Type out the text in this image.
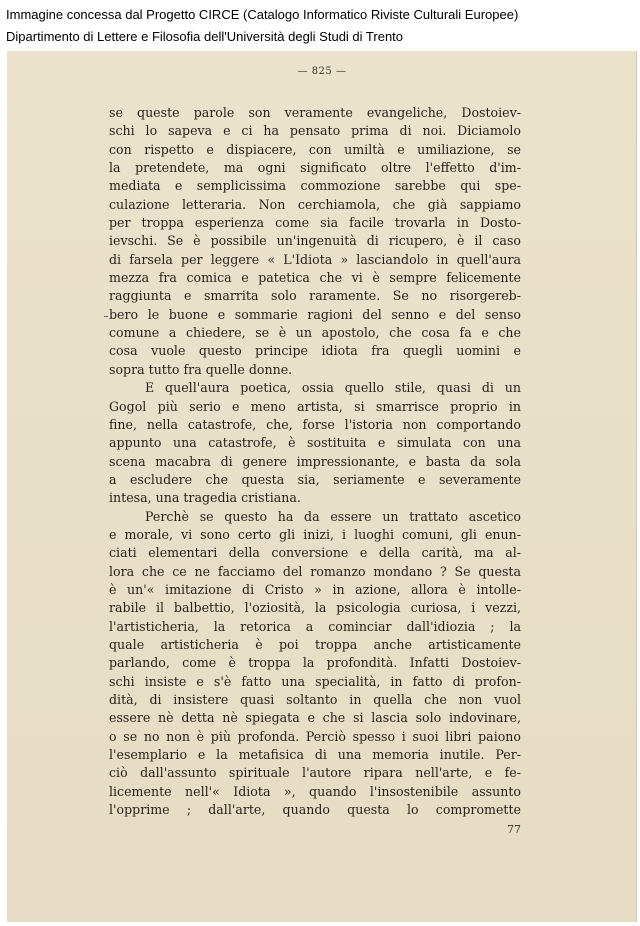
Immagine concessa dal Progetto CIRCE (Catalogo Informatico Riviste Culturali Europee)
Dipartimento di Lettere e Filosofia dell'Università degli Studi di Trento
— 825 —
se queste parole son veramente evangeliche, Dostoiev-
schi lo sapeva e ci ha pensato prima di noi. Diciamolo
con rispetto e dispiacere, con umiltà e umiliazione, se
la pretendete, ma ogni significato oltre l'effetto d'im-
mediata e semplicissima commozione sarebbe qui spe-
culazione letteraria. Non cerchiamola, che già sappiamo
per troppa esperienza come sia facile trovarla in Dosto-
ievschi. Se è possibile un'ingenuità di ricupero, è il caso
di farsela per leggere « L'Idiota » lasciandolo in quell'aura
mezza fra comica e patetica che vi è sempre felicemente
raggiunta e smarrita solo raramente. Se no risorgereb-
bero le buone e sommarie ragioni del senno e del senso
comune a chiedere, se è un apostolo, che cosa fa e che
cosa vuole questo principe idiota fra quegli uomini e
sopra tutto fra quelle donne.
E quell'aura poetica, ossia quello stile, quasi di un
Gogol più serio e meno artista, si smarrisce proprio in
fine, nella catastrofe, che, forse l'istoria non comportando
appunto una catastrofe, è sostituita e simulata con una
scena macabra di genere impressionante, e basta da sola
a escludere che questa sia, seriamente e severamente
intesa, una tragedia cristiana.
Perchè se questo ha da essere un trattato ascetico
e morale, vi sono certo gli inizi, i luoghi comuni, gli enun-
ciati elementari della conversione e della carità, ma al-
lora che ce ne facciamo del romanzo mondano ? Se questa
è un'« imitazione di Cristo » in azione, allora è intolle-
rabile il balbettio, l'oziosità, la psicologia curiosa, i vezzi,
l'artisticheria, la retorica a cominciar dall'idiozia ; la
quale artisticheria è poi troppa anche artisticamente
parlando, come è troppa la profondità. Infatti Dostoiev-
schi insiste e s'è fatto una specialità, in fatto di profon-
dità, di insistere quasi soltanto in quella che non vuol
essere nè detta nè spiegata e che si lascia solo indovinare,
o se no non è più profonda. Perciò spesso i suoi libri paiono
l'esemplario e la metafisica di una memoria inutile. Per-
ciò dall'assunto spirituale l'autore ripara nell'arte, e fe-
licemente nell'« Idiota », quando l'insostenibile assunto
l'opprime ; dall'arte, quando questa lo compromette
77
